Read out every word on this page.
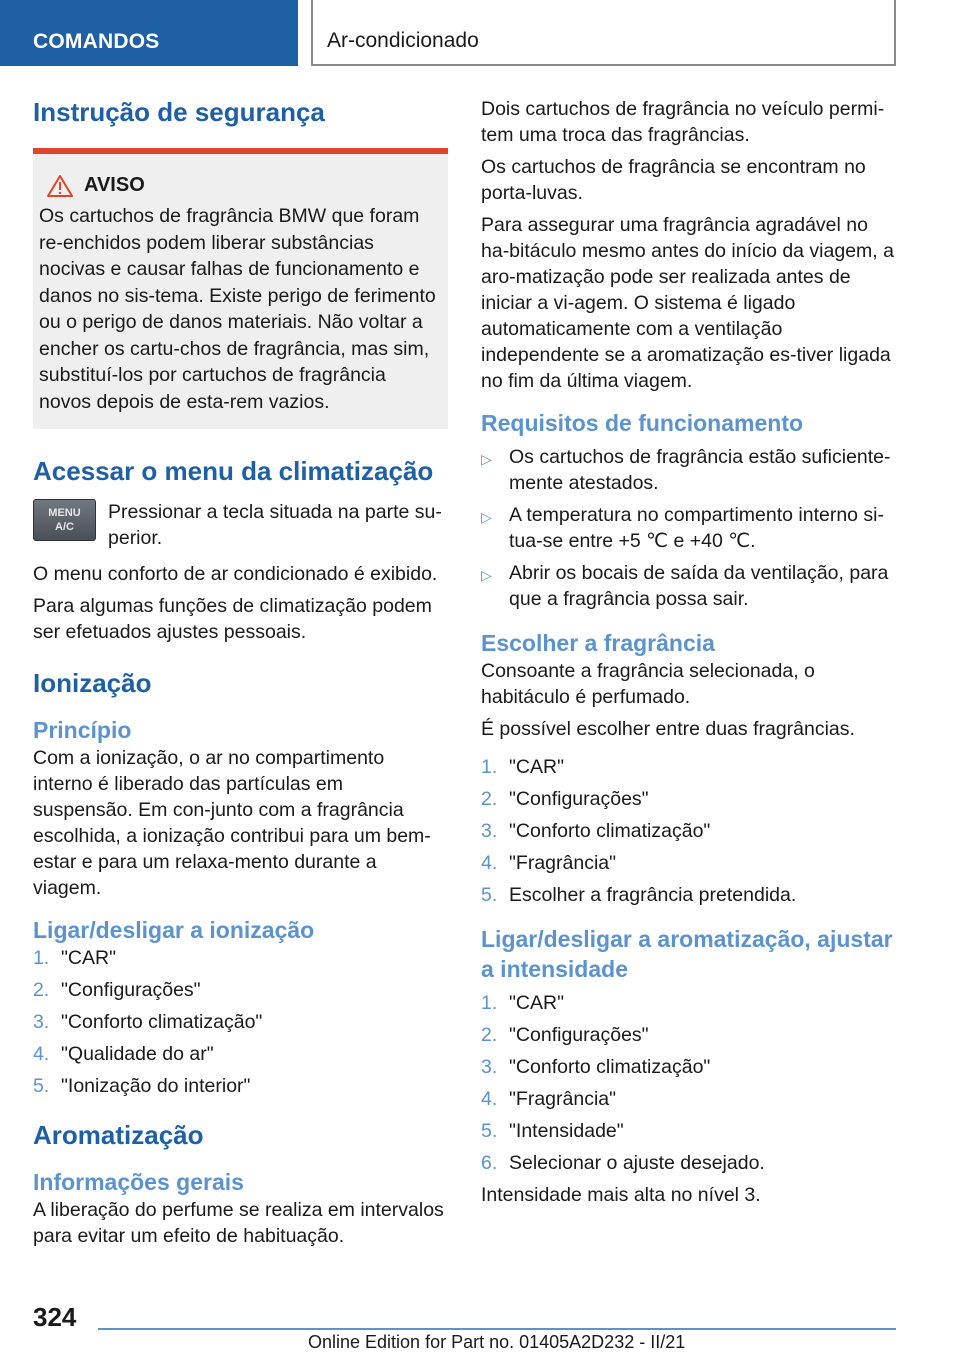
COMANDOS	Ar-condicionado
Instrução de segurança
AVISO

Os cartuchos de fragrância BMW que foram re-enchidos podem liberar substâncias nocivas e causar falhas de funcionamento e danos no sis-tema. Existe perigo de ferimento ou o perigo de danos materiais. Não voltar a encher os cartu-chos de fragrância, mas sim, substituí-los por cartuchos de fragrância novos depois de esta-rem vazios.

Acessar o menu da climatização
MENU
A/C

Pressionar a tecla situada na parte su-perior.

O menu conforto de ar condicionado é exibido.

Para algumas funções de climatização podem ser efetuados ajustes pessoais.

Ionização
Princípio

Com a ionização, o ar no compartimento interno é liberado das partículas em suspensão. Em con-junto com a fragrância escolhida, a ionização contribui para um bem-estar e para um relaxa-mento durante a viagem.

Ligar/desligar a ionização
1. "CAR"
2. "Configurações"
3. "Conforto climatização"
4. "Qualidade do ar"
5. "Ionização do interior"
Aromatização
Informações gerais

A liberação do perfume se realiza em intervalos para evitar um efeito de habituação.

Dois cartuchos de fragrância no veículo permi-tem uma troca das fragrâncias.

Os cartuchos de fragrância se encontram no porta-luvas.

Para assegurar uma fragrância agradável no ha-bitáculo mesmo antes do início da viagem, a aro-matização pode ser realizada antes de iniciar a vi-agem. O sistema é ligado automaticamente com a ventilação independente se a aromatização es-tiver ligada no fim da última viagem.

Requisitos de funcionamento
▷ Os cartuchos de fragrância estão suficiente-mente atestados.
▷ A temperatura no compartimento interno si-tua-se entre +5 ℃ e +40 ℃.
▷ Abrir os bocais de saída da ventilação, para que a fragrância possa sair.
Escolher a fragrância

Consoante a fragrância selecionada, o habitáculo é perfumado.

É possível escolher entre duas fragrâncias.

1. "CAR"
2. "Configurações"
3. "Conforto climatização"
4. "Fragrância"
5. Escolher a fragrância pretendida.
Ligar/desligar a aromatização, ajustar a intensidade
1. "CAR"
2. "Configurações"
3. "Conforto climatização"
4. "Fragrância"
5. "Intensidade"
6. Selecionar o ajuste desejado.

Intensidade mais alta no nível 3.

324
Online Edition for Part no. 01405A2D232 - II/21
